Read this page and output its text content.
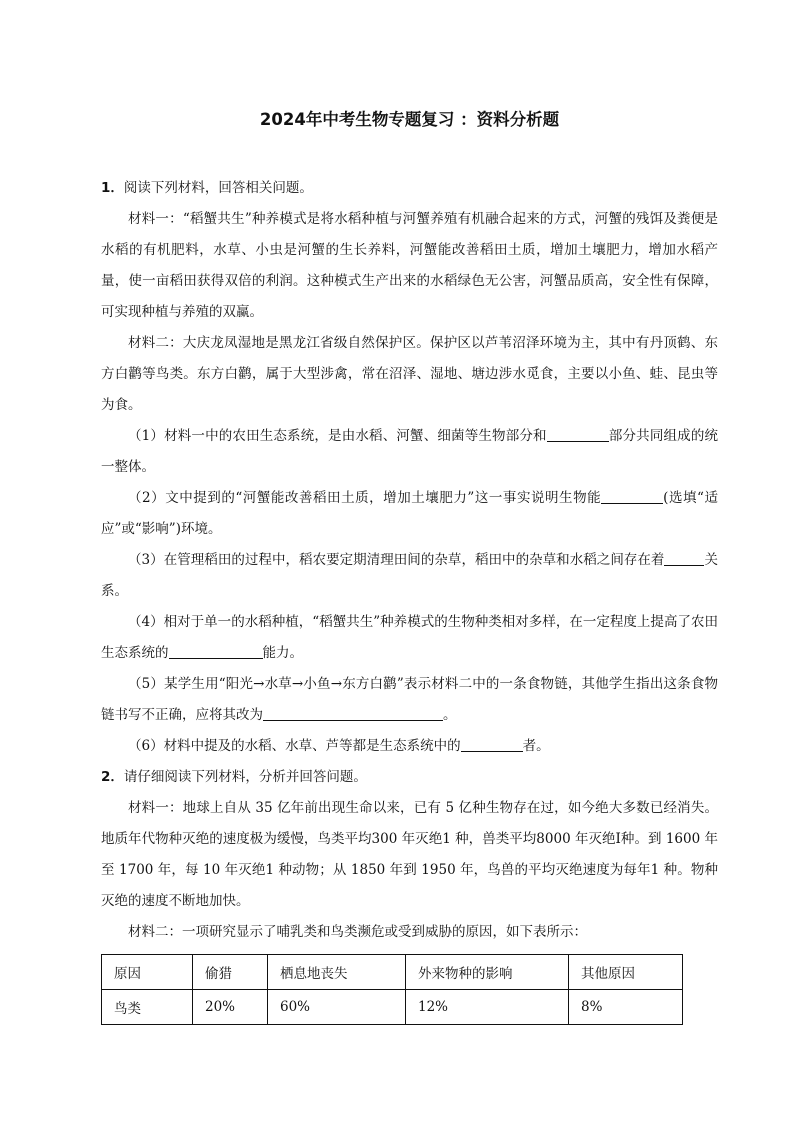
2024年中考生物专题复习 ：资料分析题

1．阅读下列材料，回答相关问题。

材料一：“稻蟹共生”种养模式是将水稻种植与河蟹养殖有机融合起来的方式，河蟹的残饵及粪便是水稻的有机肥料，水草、小虫是河蟹的生长养料，河蟹能改善稻田土质，增加土壤肥力，增加水稻产量，使一亩稻田获得双倍的利润。这种模式生产出来的水稻绿色无公害，河蟹品质高，安全性有保障，可实现种植与养殖的双赢。

材料二：大庆龙凤湿地是黑龙江省级自然保护区。保护区以芦苇沼泽环境为主，其中有丹顶鹤、东方白鹳等鸟类。东方白鹳，属于大型涉禽，常在沼泽、湿地、塘边涉水觅食，主要以小鱼、蛙、昆虫等为食。

（1）材料一中的农田生态系统，是由水稻、河蟹、细菌等生物部分和	部分共同组成的统一整体。

（2）文中提到的“河蟹能改善稻田土质，增加土壤肥力”这一事实说明生物能	(选填“适应”或“影响”)环境。

（3）在管理稻田的过程中，稻农要定期清理田间的杂草，稻田中的杂草和水稻之间存在着	关系。

（4）相对于单一的水稻种植，“稻蟹共生”种养模式的生物种类相对多样，在一定程度上提高了农田生态系统的	能力。

（5）某学生用“阳光→水草→小鱼→东方白鹳”表示材料二中的一条食物链，其他学生指出这条食物链书写不正确，应将其改为	。

（6）材料中提及的水稻、水草、芦等都是生态系统中的	者。

2．请仔细阅读下列材料，分析并回答问题。

材料一：地球上自从 35 亿年前出现生命以来，已有 5 亿种生物存在过，如今绝大多数已经消失。地质年代物种灭绝的速度极为缓慢，鸟类平均300 年灭绝1 种，兽类平均8000 年灭绝Ⅰ种。到 1600 年至 1700 年，每 10 年灭绝1 种动物；从 1850 年到 1950 年，鸟兽的平均灭绝速度为每年1 种。物种灭绝的速度不断地加快。

材料二：一项研究显示了哺乳类和鸟类濒危或受到威胁的原因，如下表所示：

原因	偷猎	栖息地丧失	外来物种的影响	其他原因
鸟类	20%	60%	12%	8%
